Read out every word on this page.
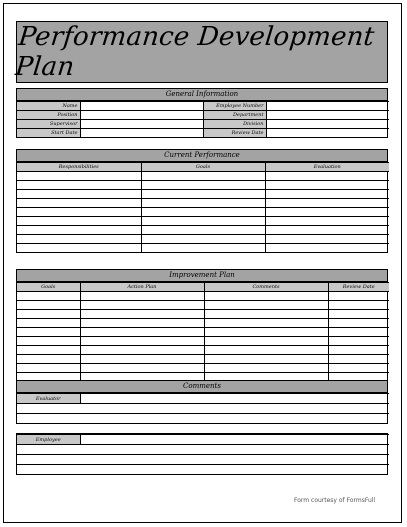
Performance Development Plan
General Information
Name		Employee Number	
Position		Department	
Supervisor		Division	
Start Date		Review Date	
Current Performance
Responsibilities	Goals	Evaluation

Improvement Plan
Goals	Action Plan	Comments	Review Date

Comments
Evaluator	

Employee	

Form courtesy of FormsFull
